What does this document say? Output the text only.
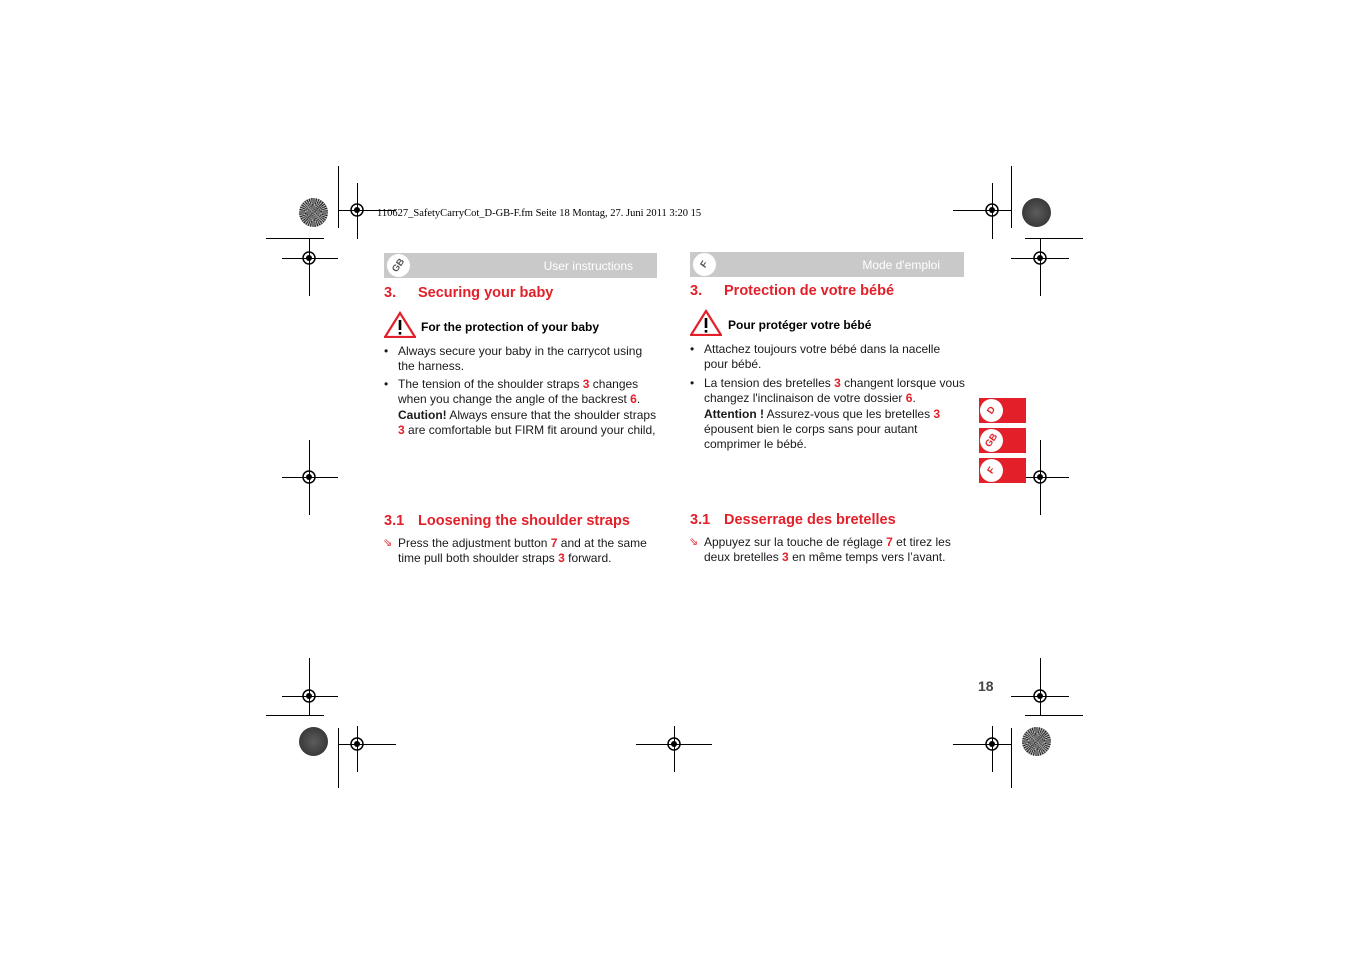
110627_SafetyCarryCot_D-GB-F.fm Seite 18 Montag, 27. Juni 2011 3:20 15
GB	User instructions
3. Securing your baby
For the protection of your baby
• Always secure your baby in the carrycot using the harness.
• The tension of the shoulder straps 3 changes when you change the angle of the backrest 6. Caution! Always ensure that the shoulder straps 3 are comfortable but FIRM fit around your child,
3.1 Loosening the shoulder straps
⇘ Press the adjustment button 7 and at the same time pull both shoulder straps 3 forward.
F	Mode d'emploi
3. Protection de votre bébé
Pour protéger votre bébé
• Attachez toujours votre bébé dans la nacelle pour bébé.
• La tension des bretelles 3 changent lorsque vous changez l'inclinaison de votre dossier 6. Attention ! Assurez-vous que les bretelles 3 épousent bien le corps sans pour autant comprimer le bébé.
3.1 Desserrage des bretelles
⇘ Appuyez sur la touche de réglage 7 et tirez les deux bretelles 3 en même temps vers l’avant.
D
GB
F
18
